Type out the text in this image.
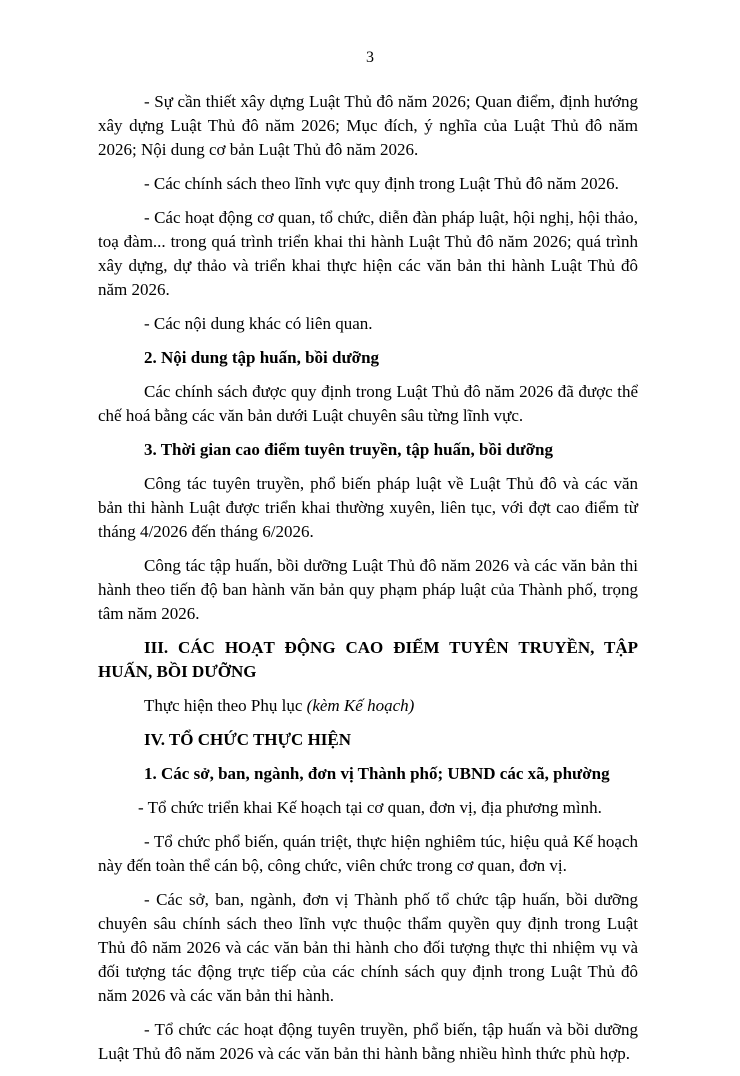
3

- Sự cần thiết xây dựng Luật Thủ đô năm 2026; Quan điểm, định hướng xây dựng Luật Thủ đô năm 2026; Mục đích, ý nghĩa của Luật Thủ đô năm 2026; Nội dung cơ bản Luật Thủ đô năm 2026.

- Các chính sách theo lĩnh vực quy định trong Luật Thủ đô năm 2026.

- Các hoạt động cơ quan, tổ chức, diễn đàn pháp luật, hội nghị, hội thảo, toạ đàm... trong quá trình triển khai thi hành Luật Thủ đô năm 2026; quá trình xây dựng, dự thảo và triển khai thực hiện các văn bản thi hành Luật Thủ đô năm 2026.

- Các nội dung khác có liên quan.

2. Nội dung tập huấn, bồi dưỡng

Các chính sách được quy định trong Luật Thủ đô năm 2026 đã được thể chế hoá bằng các văn bản dưới Luật chuyên sâu từng lĩnh vực.

3. Thời gian cao điểm tuyên truyền, tập huấn, bồi dưỡng

Công tác tuyên truyền, phổ biến pháp luật về Luật Thủ đô và các văn bản thi hành Luật được triển khai thường xuyên, liên tục, với đợt cao điểm từ tháng 4/2026 đến tháng 6/2026.

Công tác tập huấn, bồi dưỡng Luật Thủ đô năm 2026 và các văn bản thi hành theo tiến độ ban hành văn bản quy phạm pháp luật của Thành phố, trọng tâm năm 2026.

III. CÁC HOẠT ĐỘNG CAO ĐIỂM TUYÊN TRUYỀN, TẬP HUẤN, BỒI DƯỠNG

Thực hiện theo Phụ lục (kèm Kế hoạch)

IV. TỔ CHỨC THỰC HIỆN

1. Các sở, ban, ngành, đơn vị Thành phố; UBND các xã, phường

- Tổ chức triển khai Kế hoạch tại cơ quan, đơn vị, địa phương mình.

- Tổ chức phổ biến, quán triệt, thực hiện nghiêm túc, hiệu quả Kế hoạch này đến toàn thể cán bộ, công chức, viên chức trong cơ quan, đơn vị.

- Các sở, ban, ngành, đơn vị Thành phố tổ chức tập huấn, bồi dưỡng chuyên sâu chính sách theo lĩnh vực thuộc thẩm quyền quy định trong Luật Thủ đô năm 2026 và các văn bản thi hành cho đối tượng thực thi nhiệm vụ và đối tượng tác động trực tiếp của các chính sách quy định trong Luật Thủ đô năm 2026 và các văn bản thi hành.

- Tổ chức các hoạt động tuyên truyền, phổ biến, tập huấn và bồi dưỡng Luật Thủ đô năm 2026 và các văn bản thi hành bằng nhiều hình thức phù hợp.
